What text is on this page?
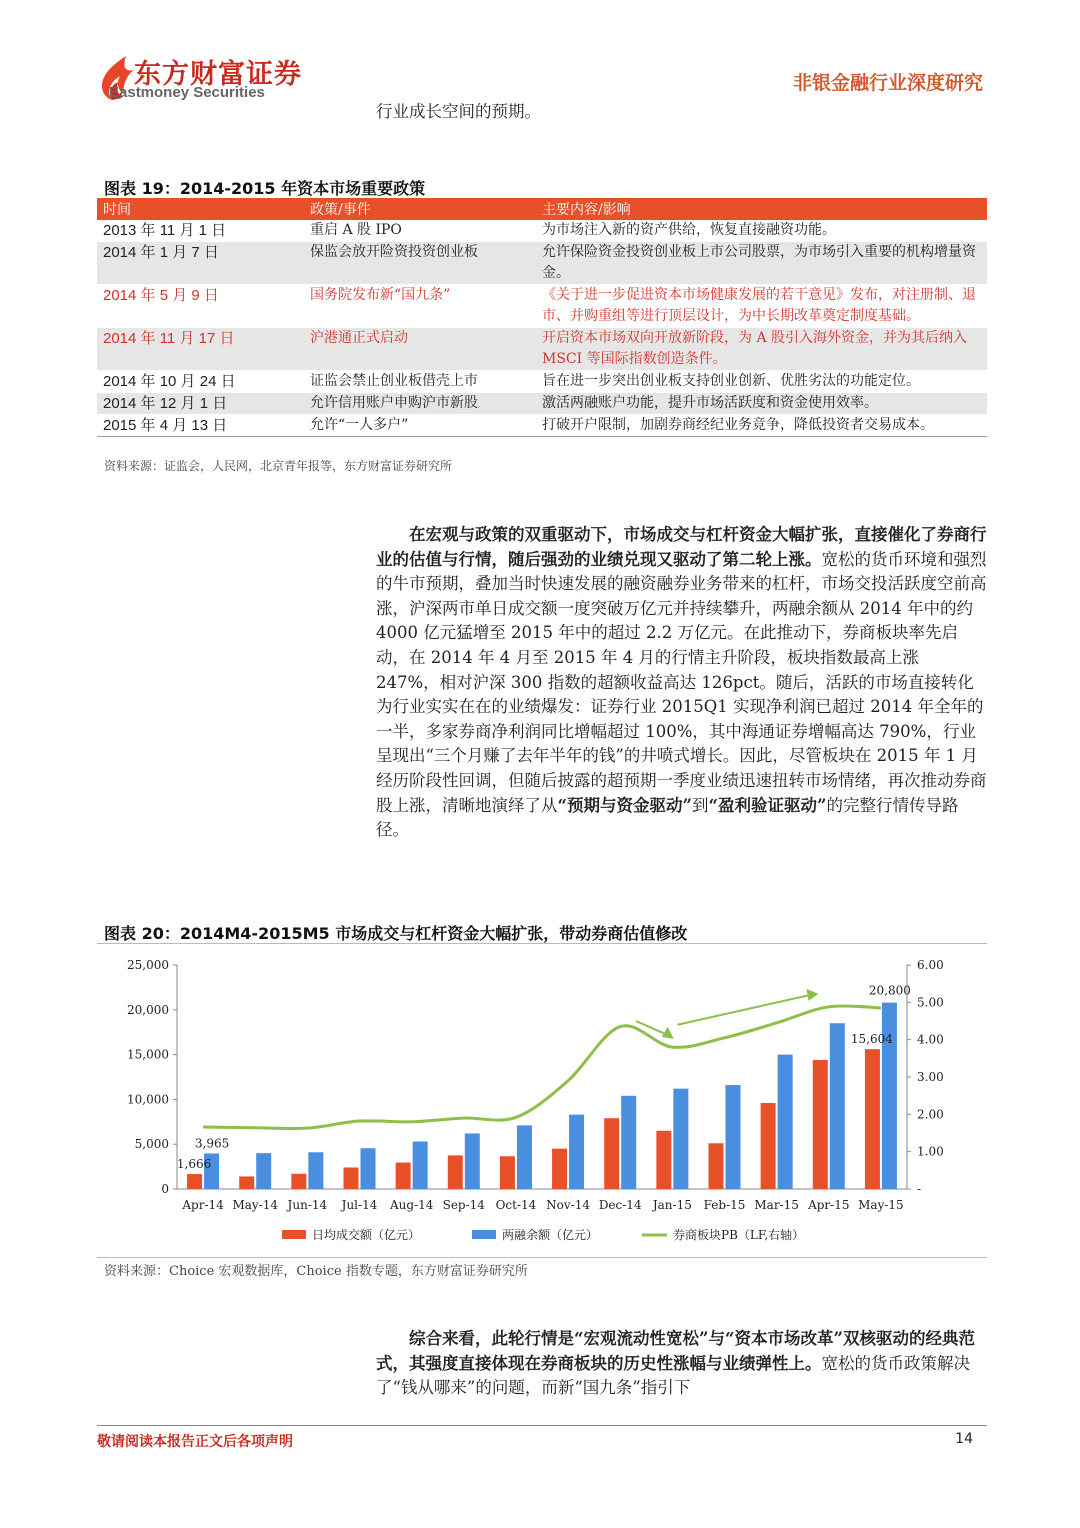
东方财富证券
Eastmoney Securities	非银金融行业深度研究
行业成长空间的预期。
图表 19：2014-2015 年资本市场重要政策
时间	政策/事件	主要内容/影响
2013 年 11 月 1 日	重启 A 股 IPO	为市场注入新的资产供给，恢复直接融资功能。
2014 年 1 月 7 日	保监会放开险资投资创业板	允许保险资金投资创业板上市公司股票，为市场引入重要的机构增量资金。
2014 年 5 月 9 日	国务院发布新“国九条”	《关于进一步促进资本市场健康发展的若干意见》发布，对注册制、退市、并购重组等进行顶层设计，为中长期改革奠定制度基础。
2014 年 11 月 17 日	沪港通正式启动	开启资本市场双向开放新阶段，为 A 股引入海外资金，并为其后纳入 MSCI 等国际指数创造条件。
2014 年 10 月 24 日	证监会禁止创业板借壳上市	旨在进一步突出创业板支持创业创新、优胜劣汰的功能定位。
2014 年 12 月 1 日	允许信用账户申购沪市新股	激活两融账户功能，提升市场活跃度和资金使用效率。
2015 年 4 月 13 日	允许“一人多户”	打破开户限制，加剧券商经纪业务竞争，降低投资者交易成本。
资料来源：证监会，人民网，北京青年报等，东方财富证券研究所
在宏观与政策的双重驱动下，市场成交与杠杆资金大幅扩张，直接催化了券商行业的估值与行情，随后强劲的业绩兑现又驱动了第二轮上涨。宽松的货币环境和强烈的牛市预期，叠加当时快速发展的融资融券业务带来的杠杆，市场交投活跃度空前高涨，沪深两市单日成交额一度突破万亿元并持续攀升，两融余额从 2014 年中的约 4000 亿元猛增至 2015 年中的超过 2.2 万亿元。在此推动下，券商板块率先启动，在 2014 年 4 月至 2015 年 4 月的行情主升阶段，板块指数最高上涨 247%，相对沪深 300 指数的超额收益高达 126pct。随后，活跃的市场直接转化为行业实实在在的业绩爆发：证券行业 2015Q1 实现净利润已超过 2014 年全年的一半，多家券商净利润同比增幅超过 100%，其中海通证券增幅高达 790%，行业呈现出“三个月赚了去年半年的钱”的井喷式增长。因此，尽管板块在 2015 年 1 月经历阶段性回调，但随后披露的超预期一季度业绩迅速扭转市场情绪，再次推动券商股上涨，清晰地演绎了从“预期与资金驱动”到“盈利验证驱动”的完整行情传导路径。
图表 20：2014M4-2015M5 市场成交与杠杆资金大幅扩张，带动券商估值修改
0
5,000
10,000
15,000
20,000
25,000
-
1.00
2.00
3.00
4.00
5.00
6.00
Apr-14 May-14 Jun-14 Jul-14 Aug-14 Sep-14 Oct-14 Nov-14 Dec-14 Jan-15 Feb-15 Mar-15 Apr-15 May-15
1,666
3,965
15,604
20,800
日均成交额（亿元）	两融余额（亿元）	券商板块PB（LF,右轴）
资料来源：Choice 宏观数据库，Choice 指数专题，东方财富证券研究所
综合来看，此轮行情是“宏观流动性宽松”与“资本市场改革”双核驱动的经典范式，其强度直接体现在券商板块的历史性涨幅与业绩弹性上。宽松的货币政策解决了“钱从哪来”的问题，而新“国九条”指引下
敬请阅读本报告正文后各项声明	14
